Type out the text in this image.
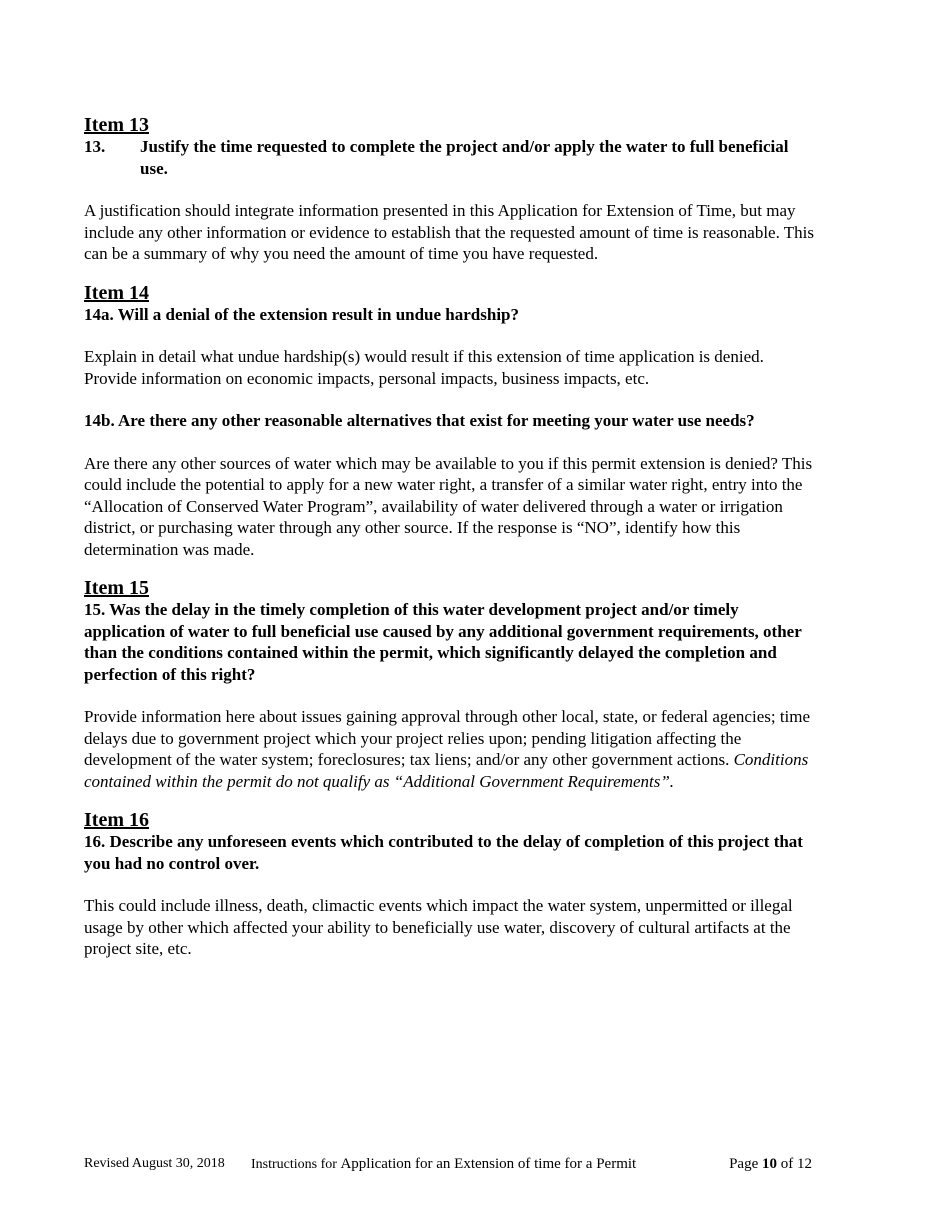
Item 13
13.	Justify the time requested to complete the project and/or apply the water to full beneficial use.

A justification should integrate information presented in this Application for Extension of Time, but may include any other information or evidence to establish that the requested amount of time is reasonable. This can be a summary of why you need the amount of time you have requested.

Item 14

14a. Will a denial of the extension result in undue hardship?

Explain in detail what undue hardship(s) would result if this extension of time application is denied. Provide information on economic impacts, personal impacts, business impacts, etc.

14b. Are there any other reasonable alternatives that exist for meeting your water use needs?

Are there any other sources of water which may be available to you if this permit extension is denied? This could include the potential to apply for a new water right, a transfer of a similar water right, entry into the “Allocation of Conserved Water Program”, availability of water delivered through a water or irrigation district, or purchasing water through any other source. If the response is “NO”, identify how this determination was made.

Item 15

15. Was the delay in the timely completion of this water development project and/or timely application of water to full beneficial use caused by any additional government requirements, other than the conditions contained within the permit, which significantly delayed the completion and perfection of this right?

Provide information here about issues gaining approval through other local, state, or federal agencies; time delays due to government project which your project relies upon; pending litigation affecting the development of the water system; foreclosures; tax liens; and/or any other government actions. Conditions contained within the permit do not qualify as “Additional Government Requirements”.

Item 16

16. Describe any unforeseen events which contributed to the delay of completion of this project that you had no control over.

This could include illness, death, climactic events which impact the water system, unpermitted or illegal usage by other which affected your ability to beneficially use water, discovery of cultural artifacts at the project site, etc.

Revised August 30, 2018 Instructions for Application for an Extension of time for a Permit	Page 10 of 12
